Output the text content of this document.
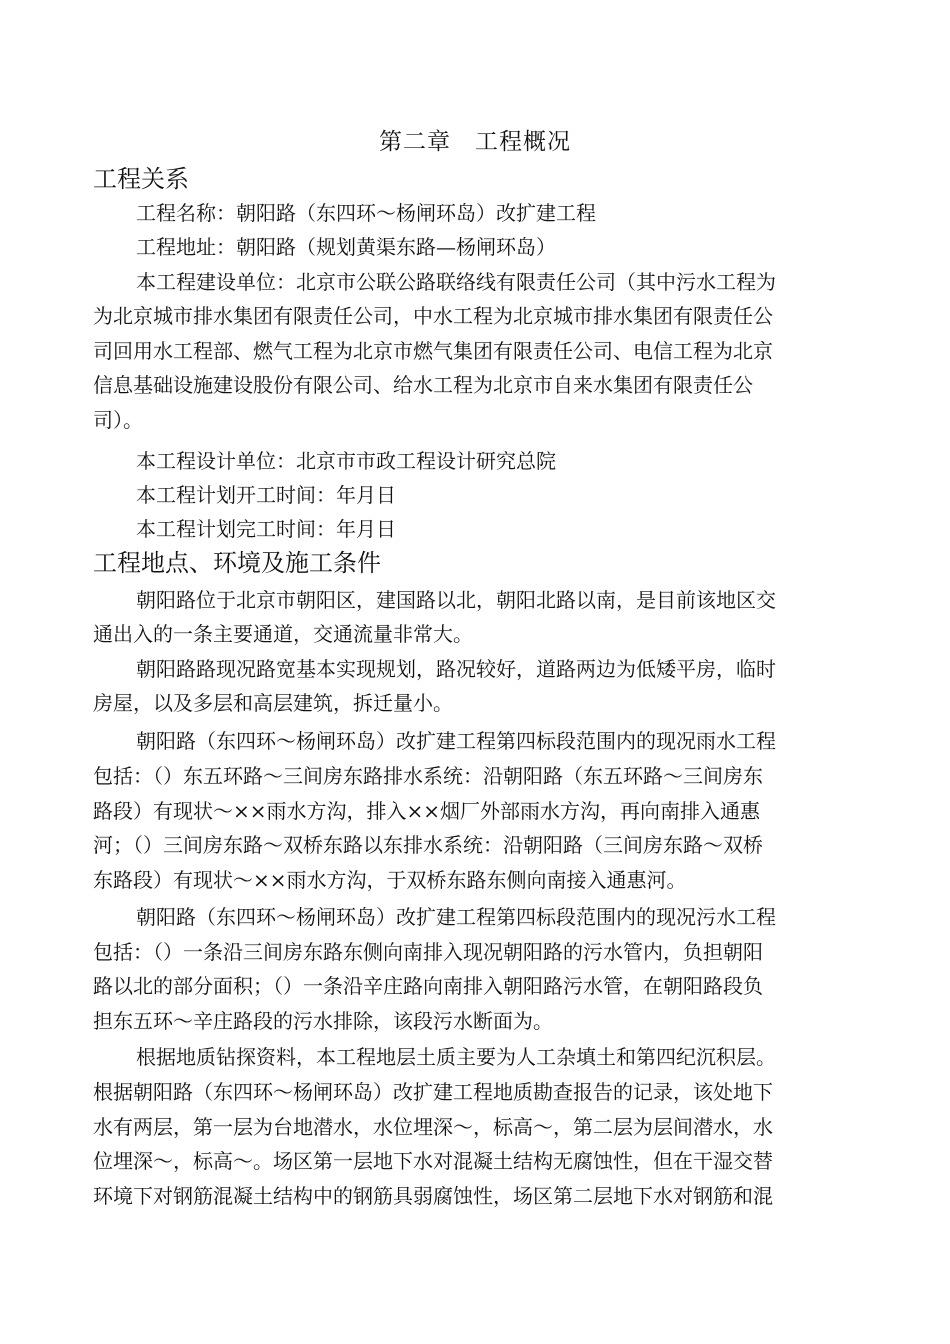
第二章　工程概况
工程关系
工程名称：朝阳路（东四环～杨闸环岛）改扩建工程
工程地址：朝阳路（规划黄渠东路—杨闸环岛）
本工程建设单位：北京市公联公路联络线有限责任公司（其中污水工程为
为北京城市排水集团有限责任公司，中水工程为北京城市排水集团有限责任公
司回用水工程部、燃气工程为北京市燃气集团有限责任公司、电信工程为北京
信息基础设施建设股份有限公司、给水工程为北京市自来水集团有限责任公
司）。
本工程设计单位：北京市市政工程设计研究总院
本工程计划开工时间：年月日
本工程计划完工时间：年月日
工程地点、环境及施工条件
朝阳路位于北京市朝阳区，建国路以北，朝阳北路以南，是目前该地区交
通出入的一条主要通道，交通流量非常大。
朝阳路路现况路宽基本实现规划，路况较好，道路两边为低矮平房，临时
房屋，以及多层和高层建筑，拆迁量小。
朝阳路（东四环～杨闸环岛）改扩建工程第四标段范围内的现况雨水工程
包括：（）东五环路～三间房东路排水系统：沿朝阳路（东五环路～三间房东
路段）有现状～××雨水方沟，排入××烟厂外部雨水方沟，再向南排入通惠
河；（）三间房东路～双桥东路以东排水系统：沿朝阳路（三间房东路～双桥
东路段）有现状～××雨水方沟，于双桥东路东侧向南接入通惠河。
朝阳路（东四环～杨闸环岛）改扩建工程第四标段范围内的现况污水工程
包括：（）一条沿三间房东路东侧向南排入现况朝阳路的污水管内，负担朝阳
路以北的部分面积；（）一条沿辛庄路向南排入朝阳路污水管，在朝阳路段负
担东五环～辛庄路段的污水排除，该段污水断面为。
根据地质钻探资料，本工程地层土质主要为人工杂填土和第四纪沉积层。
根据朝阳路（东四环～杨闸环岛）改扩建工程地质勘查报告的记录，该处地下
水有两层，第一层为台地潜水，水位埋深～，标高～，第二层为层间潜水，水
位埋深～，标高～。场区第一层地下水对混凝土结构无腐蚀性，但在干湿交替
环境下对钢筋混凝土结构中的钢筋具弱腐蚀性，场区第二层地下水对钢筋和混
